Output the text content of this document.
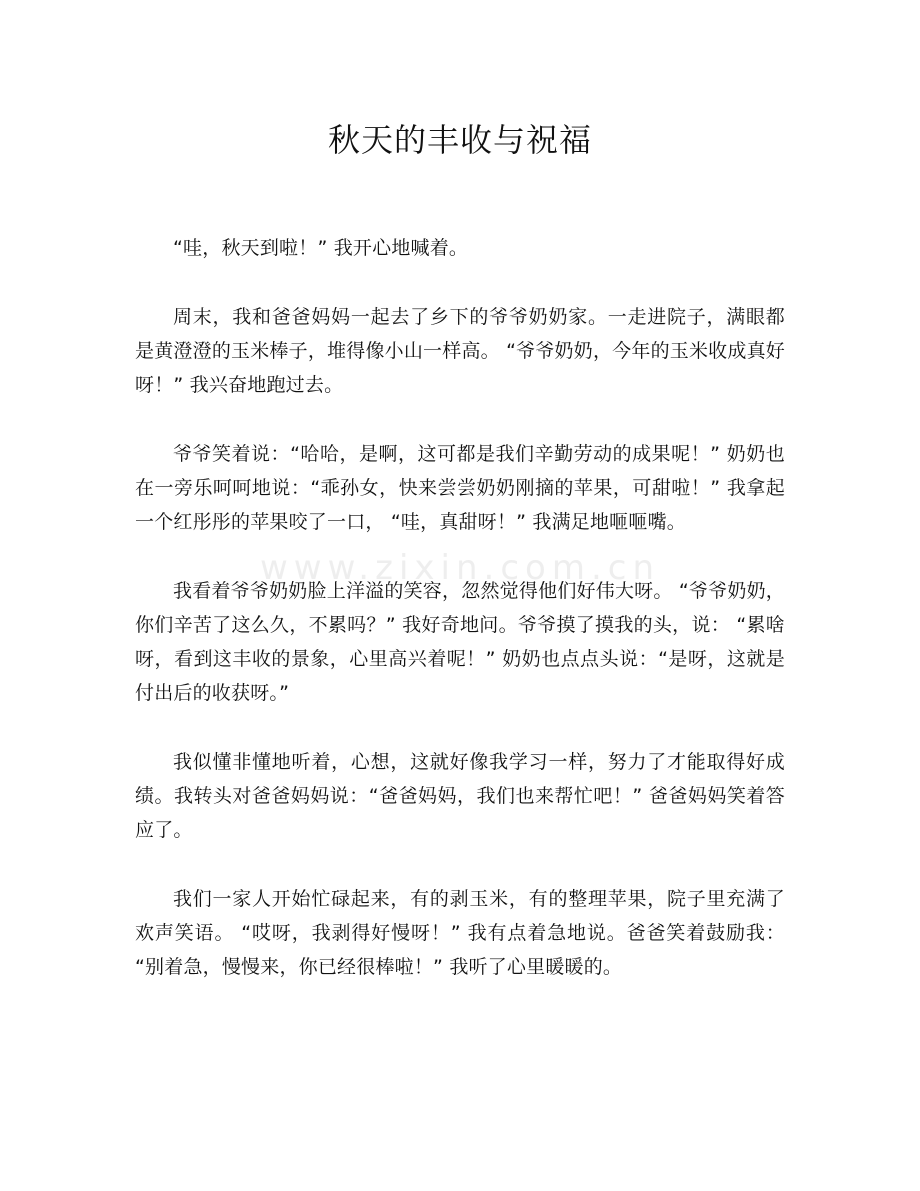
秋天的丰收与祝福
www.zixin.com.cn

“哇，秋天到啦！” 我开心地喊着。

周末，我和爸爸妈妈一起去了乡下的爷爷奶奶家。一走进院子，满眼都是黄澄澄的玉米棒子，堆得像小山一样高。 “爷爷奶奶，今年的玉米收成真好呀！” 我兴奋地跑过去。

爷爷笑着说：“哈哈，是啊，这可都是我们辛勤劳动的成果呢！” 奶奶也在一旁乐呵呵地说：“乖孙女，快来尝尝奶奶刚摘的苹果，可甜啦！” 我拿起一个红彤彤的苹果咬了一口， “哇，真甜呀！” 我满足地咂咂嘴。

我看着爷爷奶奶脸上洋溢的笑容，忽然觉得他们好伟大呀。 “爷爷奶奶，你们辛苦了这么久，不累吗？” 我好奇地问。爷爷摸了摸我的头，说： “累啥呀，看到这丰收的景象，心里高兴着呢！” 奶奶也点点头说：“是呀，这就是付出后的收获呀。”

我似懂非懂地听着，心想，这就好像我学习一样，努力了才能取得好成绩。我转头对爸爸妈妈说：“爸爸妈妈，我们也来帮忙吧！” 爸爸妈妈笑着答应了。

我们一家人开始忙碌起来，有的剥玉米，有的整理苹果，院子里充满了欢声笑语。 “哎呀，我剥得好慢呀！” 我有点着急地说。爸爸笑着鼓励我： “别着急，慢慢来，你已经很棒啦！” 我听了心里暖暖的。
